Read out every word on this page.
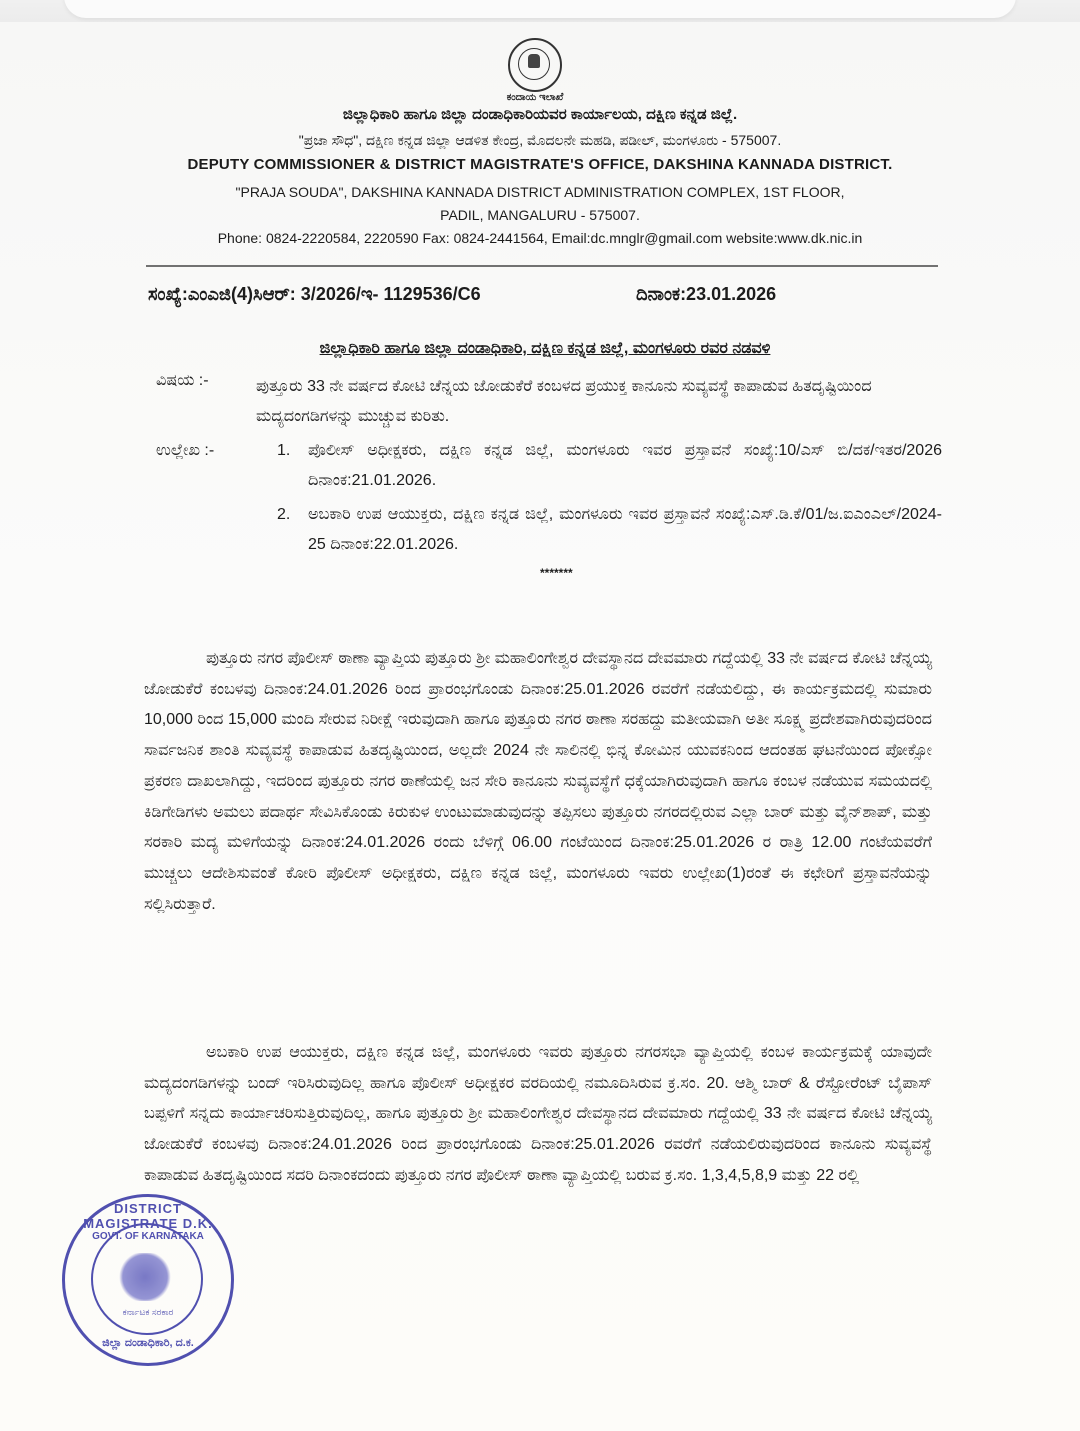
ಕಂದಾಯ ಇಲಾಖೆ
ಜಿಲ್ಲಾಧಿಕಾರಿ ಹಾಗೂ ಜಿಲ್ಲಾ ದಂಡಾಧಿಕಾರಿಯವರ ಕಾರ್ಯಾಲಯ, ದಕ್ಷಿಣ ಕನ್ನಡ ಜಿಲ್ಲೆ.
"ಪ್ರಜಾ ಸೌಧ", ದಕ್ಷಿಣ ಕನ್ನಡ ಜಿಲ್ಲಾ ಆಡಳಿತ ಕೇಂದ್ರ, ಮೊದಲನೇ ಮಹಡಿ, ಪಡೀಲ್, ಮಂಗಳೂರು - 575007.
DEPUTY COMMISSIONER & DISTRICT MAGISTRATE'S OFFICE, DAKSHINA KANNADA DISTRICT.
"PRAJA SOUDA", DAKSHINA KANNADA DISTRICT ADMINISTRATION COMPLEX, 1ST FLOOR,
PADIL, MANGALURU - 575007.
Phone: 0824-2220584, 2220590 Fax: 0824-2441564, Email:dc.mnglr@gmail.com website:www.dk.nic.in
ಸಂಖ್ಯೆ:ಎಂಎಜಿ(4)ಸಿಆರ್: 3/2026/ಇ- 1129536/C6	ದಿನಾಂಕ:23.01.2026
ಜಿಲ್ಲಾಧಿಕಾರಿ ಹಾಗೂ ಜಿಲ್ಲಾ ದಂಡಾಧಿಕಾರಿ, ದಕ್ಷಿಣ ಕನ್ನಡ ಜಿಲ್ಲೆ, ಮಂಗಳೂರು ರವರ ನಡವಳಿ
ವಿಷಯ :-	ಪುತ್ತೂರು 33 ನೇ ವರ್ಷದ ಕೋಟಿ ಚೆನ್ನಯ ಜೋಡುಕೆರೆ ಕಂಬಳದ ಪ್ರಯುಕ್ತ ಕಾನೂನು ಸುವ್ಯವಸ್ಥೆ ಕಾಪಾಡುವ ಹಿತದೃಷ್ಟಿಯಿಂದ ಮದ್ಯದಂಗಡಿಗಳನ್ನು ಮುಚ್ಚುವ ಕುರಿತು.
ಉಲ್ಲೇಖ :-	1.	ಪೊಲೀಸ್ ಅಧೀಕ್ಷಕರು, ದಕ್ಷಿಣ ಕನ್ನಡ ಜಿಲ್ಲೆ, ಮಂಗಳೂರು ಇವರ ಪ್ರಸ್ತಾವನೆ ಸಂಖ್ಯೆ:10/ಎಸ್ ಬಿ/ದಕ/ಇತರ/2026 ದಿನಾಂಕ:21.01.2026.
2.	ಅಬಕಾರಿ ಉಪ ಆಯುಕ್ತರು, ದಕ್ಷಿಣ ಕನ್ನಡ ಜಿಲ್ಲೆ, ಮಂಗಳೂರು ಇವರ ಪ್ರಸ್ತಾವನೆ ಸಂಖ್ಯೆ:ಎಸ್.ಡಿ.ಕೆ/01/ಜ.ಐಎಂಎಲ್/2024-25 ದಿನಾಂಕ:22.01.2026.
*******
ಪುತ್ತೂರು ನಗರ ಪೊಲೀಸ್ ಠಾಣಾ ವ್ಯಾಪ್ತಿಯ ಪುತ್ತೂರು ಶ್ರೀ ಮಹಾಲಿಂಗೇಶ್ವರ ದೇವಸ್ಥಾನದ ದೇವಮಾರು ಗದ್ದೆಯಲ್ಲಿ 33 ನೇ ವರ್ಷದ ಕೋಟಿ ಚೆನ್ನಯ್ಯ ಜೋಡುಕೆರೆ ಕಂಬಳವು ದಿನಾಂಕ:24.01.2026 ರಿಂದ ಪ್ರಾರಂಭಗೊಂಡು ದಿನಾಂಕ:25.01.2026 ರವರೆಗೆ ನಡೆಯಲಿದ್ದು, ಈ ಕಾರ್ಯಕ್ರಮದಲ್ಲಿ ಸುಮಾರು 10,000 ರಿಂದ 15,000 ಮಂದಿ ಸೇರುವ ನಿರೀಕ್ಷೆ ಇರುವುದಾಗಿ ಹಾಗೂ ಪುತ್ತೂರು ನಗರ ಠಾಣಾ ಸರಹದ್ದು ಮತೀಯವಾಗಿ ಅತೀ ಸೂಕ್ಷ್ಮ ಪ್ರದೇಶವಾಗಿರುವುದರಿಂದ ಸಾರ್ವಜನಿಕ ಶಾಂತಿ ಸುವ್ಯವಸ್ಥೆ ಕಾಪಾಡುವ ಹಿತದೃಷ್ಟಿಯಿಂದ, ಅಲ್ಲದೇ 2024 ನೇ ಸಾಲಿನಲ್ಲಿ ಭಿನ್ನ ಕೋಮಿನ ಯುವಕನಿಂದ ಆದಂತಹ ಘಟನೆಯಿಂದ ಪೋಕ್ಸೋ ಪ್ರಕರಣ ದಾಖಲಾಗಿದ್ದು, ಇದರಿಂದ ಪುತ್ತೂರು ನಗರ ಠಾಣೆಯಲ್ಲಿ ಜನ ಸೇರಿ ಕಾನೂನು ಸುವ್ಯವಸ್ಥೆಗೆ ಧಕ್ಕೆಯಾಗಿರುವುದಾಗಿ ಹಾಗೂ ಕಂಬಳ ನಡೆಯುವ ಸಮಯದಲ್ಲಿ ಕಿಡಿಗೇಡಿಗಳು ಅಮಲು ಪದಾರ್ಥ ಸೇವಿಸಿಕೊಂಡು ಕಿರುಕುಳ ಉಂಟುಮಾಡುವುದನ್ನು ತಪ್ಪಿಸಲು ಪುತ್ತೂರು ನಗರದಲ್ಲಿರುವ ಎಲ್ಲಾ ಬಾರ್ ಮತ್ತು ವೈನ್‌ಶಾಪ್, ಮತ್ತು ಸರಕಾರಿ ಮದ್ಯ ಮಳಿಗೆಯನ್ನು ದಿನಾಂಕ:24.01.2026 ರಂದು ಬೆಳಿಗ್ಗೆ 06.00 ಗಂಟೆಯಿಂದ ದಿನಾಂಕ:25.01.2026 ರ ರಾತ್ರಿ 12.00 ಗಂಟೆಯವರೆಗೆ ಮುಚ್ಚಲು ಆದೇಶಿಸುವಂತೆ ಕೋರಿ ಪೊಲೀಸ್ ಅಧೀಕ್ಷಕರು, ದಕ್ಷಿಣ ಕನ್ನಡ ಜಿಲ್ಲೆ, ಮಂಗಳೂರು ಇವರು ಉಲ್ಲೇಖ(1)ರಂತೆ ಈ ಕಛೇರಿಗೆ ಪ್ರಸ್ತಾವನೆಯನ್ನು ಸಲ್ಲಿಸಿರುತ್ತಾರೆ.
ಅಬಕಾರಿ ಉಪ ಆಯುಕ್ತರು, ದಕ್ಷಿಣ ಕನ್ನಡ ಜಿಲ್ಲೆ, ಮಂಗಳೂರು ಇವರು ಪುತ್ತೂರು ನಗರಸಭಾ ವ್ಯಾಪ್ತಿಯಲ್ಲಿ ಕಂಬಳ ಕಾರ್ಯಕ್ರಮಕ್ಕೆ ಯಾವುದೇ ಮದ್ಯದಂಗಡಿಗಳನ್ನು ಬಂದ್ ಇರಿಸಿರುವುದಿಲ್ಲ ಹಾಗೂ ಪೊಲೀಸ್ ಅಧೀಕ್ಷಕರ ವರದಿಯಲ್ಲಿ ನಮೂದಿಸಿರುವ ಕ್ರ.ಸಂ. 20. ಆಶ್ಮಿ ಬಾರ್ & ರೆಸ್ಟೋರೆಂಟ್ ಬೈಪಾಸ್ ಬಪ್ಪಳಿಗೆ ಸನ್ನದು ಕಾರ್ಯಾಚರಿಸುತ್ತಿರುವುದಿಲ್ಲ, ಹಾಗೂ ಪುತ್ತೂರು ಶ್ರೀ ಮಹಾಲಿಂಗೇಶ್ವರ ದೇವಸ್ಥಾನದ ದೇವಮಾರು ಗದ್ದೆಯಲ್ಲಿ 33 ನೇ ವರ್ಷದ ಕೋಟಿ ಚೆನ್ನಯ್ಯ ಜೋಡುಕೆರೆ ಕಂಬಳವು ದಿನಾಂಕ:24.01.2026 ರಿಂದ ಪ್ರಾರಂಭಗೊಂಡು ದಿನಾಂಕ:25.01.2026 ರವರೆಗೆ ನಡೆಯಲಿರುವುದರಿಂದ ಕಾನೂನು ಸುವ್ಯವಸ್ಥೆ ಕಾಪಾಡುವ ಹಿತದೃಷ್ಟಿಯಿಂದ ಸದರಿ ದಿನಾಂಕದಂದು ಪುತ್ತೂರು ನಗರ ಪೊಲೀಸ್ ಠಾಣಾ ವ್ಯಾಪ್ತಿಯಲ್ಲಿ ಬರುವ ಕ್ರ.ಸಂ. 1,3,4,5,8,9 ಮತ್ತು 22 ರಲ್ಲಿ
DISTRICT MAGISTRATE D.K.
GOVT. OF KARNATAKA
ಕರ್ನಾಟಕ ಸರಕಾರ
ಜಿಲ್ಲಾ ದಂಡಾಧಿಕಾರಿ, ದ.ಕ.
